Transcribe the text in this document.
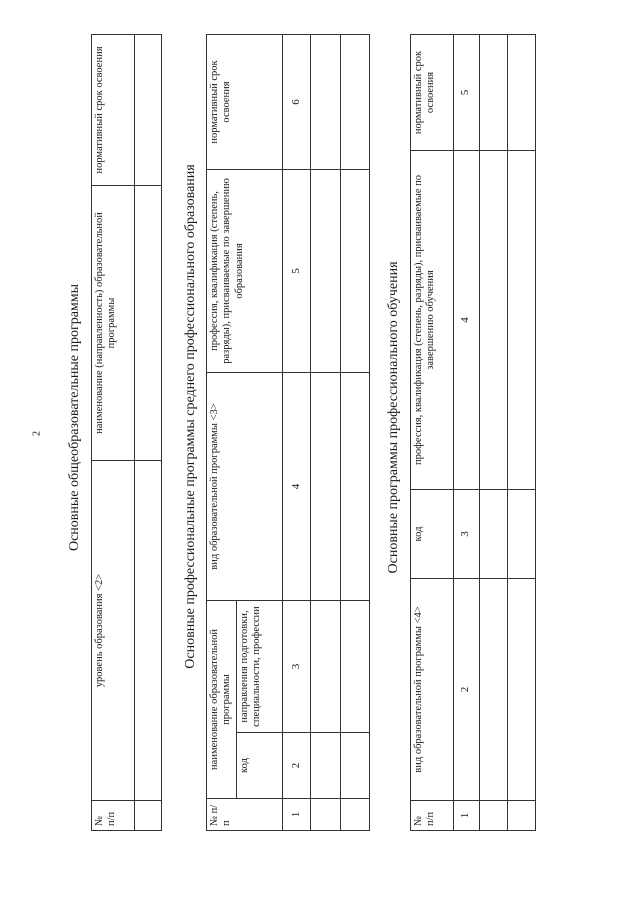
2
	Основные общеобразовательные программы		
№ п/п	уровень образования <2>	наименование (направленность) образовательной программы	нормативный срок освоения

	Основные профессиональные программы среднего профессионального образования				
№ п/п	наименование образовательной программы		вид образовательной программы <3>	профессия, квалификация (степень, разряды), присваиваемые по завершению образования	нормативный срок освоения
	код	направления подготовки, специальности, профессии			
1	2	3	4	5	6

	Основные программы профессионального обучения			
№ п/п	вид образовательной программы <4>	код	профессия, квалификация (степень, разряды), присваиваемые по завершению обучения	нормативный срок освоения
1	2	3	4	5
